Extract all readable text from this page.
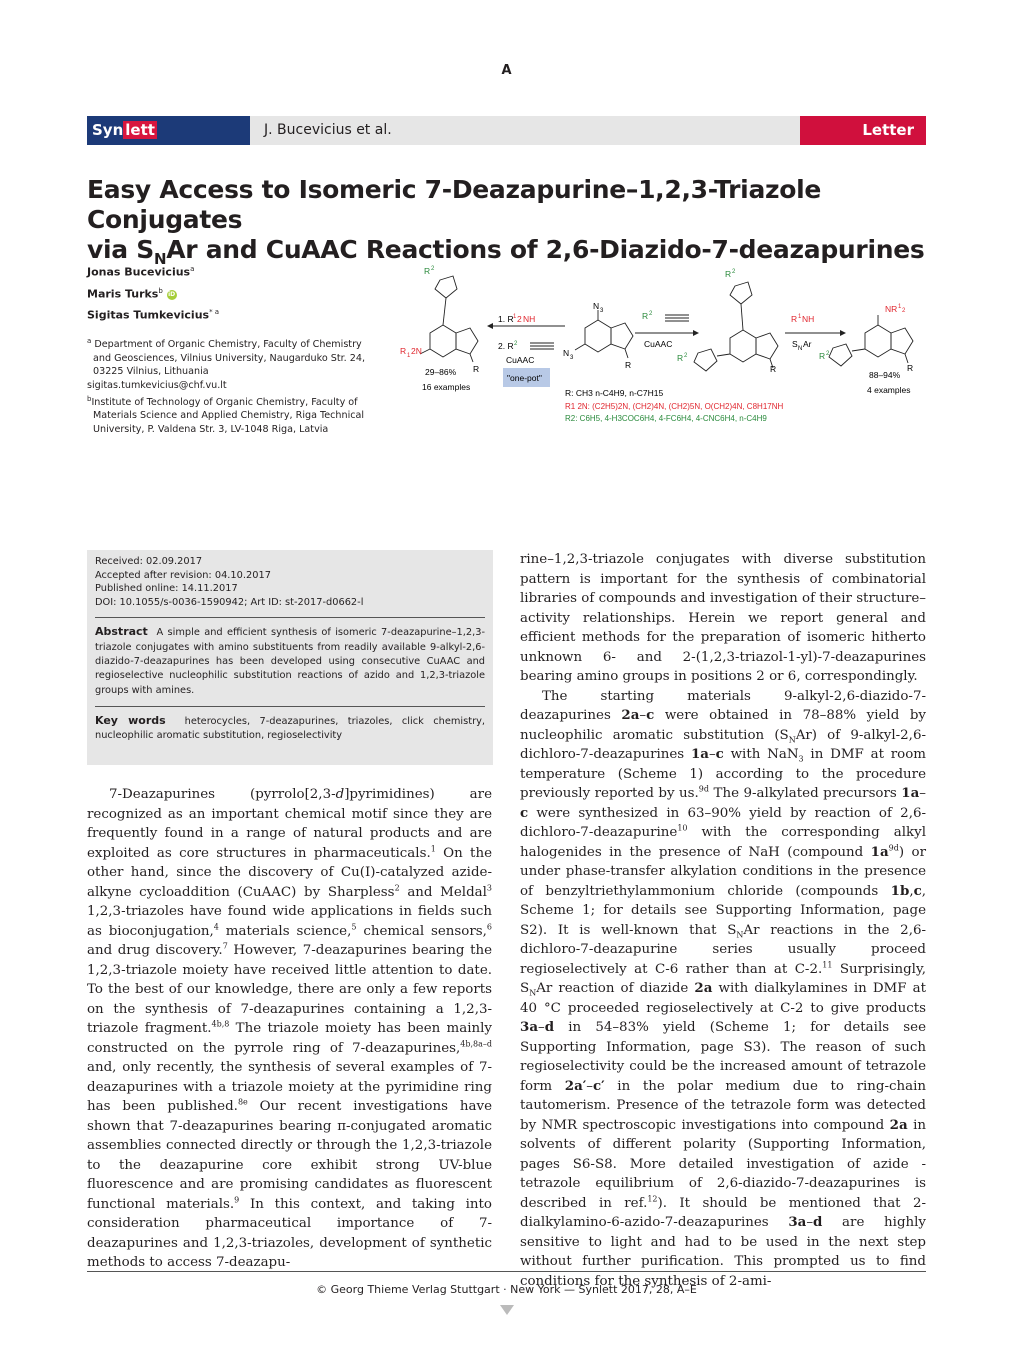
A
Syn lett	J. Bucevicius et al.	Letter
Easy Access to Isomeric 7-Deazapurine–1,2,3-Triazole Conjugates
via $S_NAr$ and CuAAC Reactions of 2,6-Diazido-7-deazapurines
Jonas Bucevicius$^a$
Maris Turks$^b$ iD
Sigitas Tumkevicius$^{* a}$
$^a$ Department of Organic Chemistry, Faculty of Chemistry and Geosciences, Vilnius University, Naugarduko Str. 24, 03225 Vilnius, Lithuania
sigitas.tumkevicius@chf.vu.lt
$^b$Institute of Technology of Organic Chemistry, Faculty of Materials Science and Applied Chemistry, Riga Technical University, P. Valdena Str. 3, LV-1048 Riga, Latvia
R 2
R 1 2N
R
29–86%
16 examples
1. R 1 2 NH
2. R 2
CuAAC
"one-pot"
N 3
N 3
R
R 2
CuAAC
R 2
R 2
R
R 1 NH
S N Ar
NR 1
2
R 2
R
88–94%
4 examples
R: CH3 n-C4H9, n-C7H15
R1 2N: (C2H5)2N, (CH2)4N, (CH2)5N, O(CH2)4N, C8H17NH
R2: C6H5, 4-H3COC6H4, 4-FC6H4, 4-CNC6H4, n-C4H9
Received: 02.09.2017
Accepted after revision: 04.10.2017
Published online: 14.11.2017
DOI: 10.1055/s-0036-1590942; Art ID: st-2017-d0662-l
Abstract A simple and efficient synthesis of isomeric 7-deazapurine–1,2,3-triazole conjugates with amino substituents from readily available 9-alkyl-2,6-diazido-7-deazapurines has been developed using consecutive CuAAC and regioselective nucleophilic substitution reactions of azido and 1,2,3-triazole groups with amines.
Key words heterocycles, 7-deazapurines, triazoles, click chemistry, nucleophilic aromatic substitution, regioselectivity

7-Deazapurines (pyrrolo[2,3-d]pyrimidines) are recognized as an important chemical motif since they are frequently found in a range of natural products and are exploited as core structures in pharmaceuticals.$^1$ On the other hand, since the discovery of Cu(I)-catalyzed azide-alkyne cycloaddition (CuAAC) by Sharpless$^2$ and Meldal$^3$ 1,2,3-triazoles have found wide applications in fields such as bioconjugation,$^4$ materials science,$^5$ chemical sensors,$^6$ and drug discovery.$^7$ However, 7-deazapurines bearing the 1,2,3-triazole moiety have received little attention to date. To the best of our knowledge, there are only a few reports on the synthesis of 7-deazapurines containing a 1,2,3-triazole fragment.$^{4b,8}$ The triazole moiety has been mainly constructed on the pyrrole ring of 7-deazapurines,$^{4b,8a-d}$ and, only recently, the synthesis of several examples of 7-deazapurines with a triazole moiety at the pyrimidine ring has been published.$^{8e}$ Our recent investigations have shown that 7-deazapurines bearing π-conjugated aromatic assemblies connected directly or through the 1,2,3-triazole to the deazapurine core exhibit strong UV-blue fluorescence and are promising candidates as fluorescent functional materials.$^9$ In this context, and taking into consideration pharmaceutical importance of 7-deazapurines and 1,2,3-triazoles, development of synthetic methods to access 7-deazapu-

rine–1,2,3-triazole conjugates with diverse substitution pattern is important for the synthesis of combinatorial libraries of compounds and investigation of their structure–activity relationships. Herein we report general and efficient methods for the preparation of isomeric hitherto unknown 6- and 2-(1,2,3-triazol-1-yl)-7-deazapurines bearing amino groups in positions 2 or 6, correspondingly.

The starting materials 9-alkyl-2,6-diazido-7-deazapurines 2a–c were obtained in 78–88% yield by nucleophilic aromatic substitution $(S_NAr)$ of 9-alkyl-2,6-dichloro-7-deazapurines 1a–c with NaN$_3$ in DMF at room temperature (Scheme 1) according to the procedure previously reported by us.$^{9d}$ The 9-alkylated precursors 1a–c were synthesized in 63–90% yield by reaction of 2,6-dichloro-7-deazapurine$^{10}$ with the corresponding alkyl halogenides in the presence of NaH (compound $1a^{9d}$) or under phase-transfer alkylation conditions in the presence of benzyltriethylammonium chloride (compounds 1b,c, Scheme 1; for details see Supporting Information, page S2). It is well-known that $S_NAr$ reactions in the 2,6-dichloro-7-deazapurine series usually proceed regioselectively at C-6 rather than at C-2.11 Surprisingly, $S_NAr$ reaction of diazide 2a with dialkylamines in DMF at 40 °C proceeded regioselectively at C-2 to give products 3a–d in 54–83% yield (Scheme 1; for details see Supporting Information, page S3). The reason of such regioselectivity could be the increased amount of tetrazole form 2a′–c′ in the polar medium due to ring-chain tautomerism. Presence of the tetrazole form was detected by NMR spectroscopic investigations into compound 2a in solvents of different polarity (Supporting Information, pages S6-S8. More detailed investigation of azide - tetrazole equilibrium of 2,6-diazido-7-deazapurines is described in ref.$^{12}$). It should be mentioned that 2-dialkylamino-6-azido-7-deazapurines 3a–d are highly sensitive to light and had to be used in the next step without further purification. This prompted us to find conditions for the synthesis of 2-ami-

© Georg Thieme Verlag Stuttgart · New York — Synlett 2017, 28, A–E
